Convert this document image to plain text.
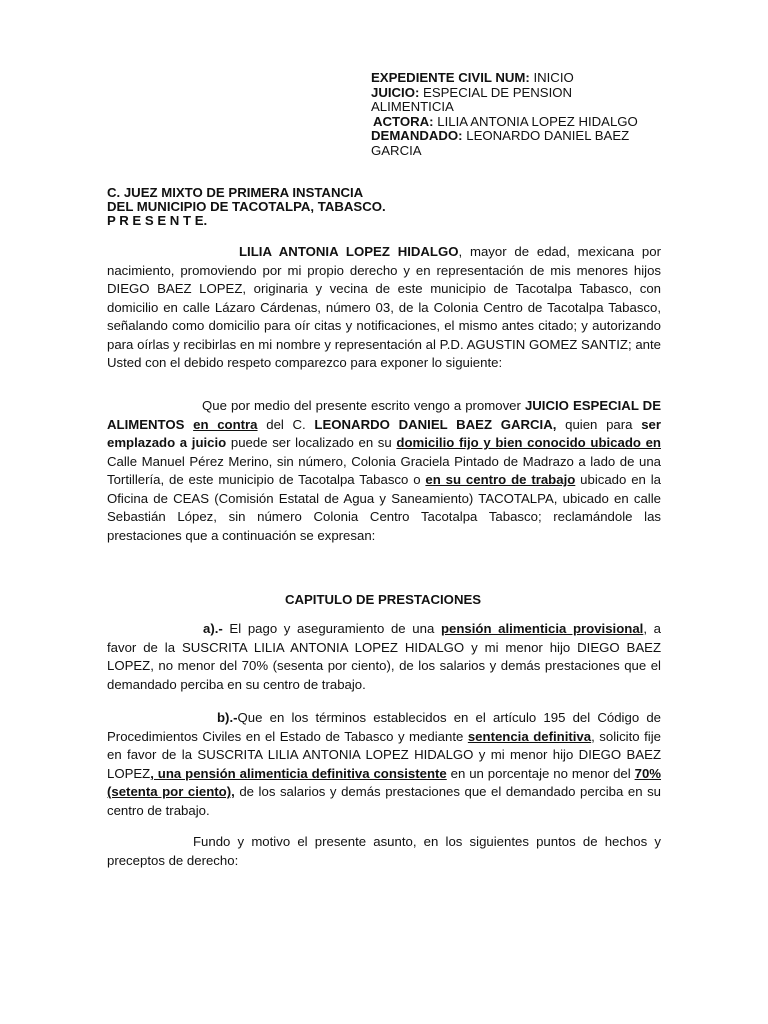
EXPEDIENTE CIVIL NUM: INICIO
JUICIO: ESPECIAL DE PENSION
ALIMENTICIA
ACTORA: LILIA ANTONIA LOPEZ HIDALGO
DEMANDADO: LEONARDO DANIEL BAEZ
GARCIA
C. JUEZ MIXTO DE PRIMERA INSTANCIA
DEL MUNICIPIO DE TACOTALPA, TABASCO.
P R E S E N T E.
LILIA ANTONIA LOPEZ HIDALGO, mayor de edad, mexicana por nacimiento, promoviendo por mi propio derecho y en representación de mis menores hijos DIEGO BAEZ LOPEZ, originaria y vecina de este municipio de Tacotalpa Tabasco, con domicilio en calle Lázaro Cárdenas, número 03, de la Colonia Centro de Tacotalpa Tabasco, señalando como domicilio para oír citas y notificaciones, el mismo antes citado; y autorizando para oírlas y recibirlas en mi nombre y representación al P.D. AGUSTIN GOMEZ SANTIZ; ante Usted con el debido respeto comparezco para exponer lo siguiente:
Que por medio del presente escrito vengo a promover JUICIO ESPECIAL DE ALIMENTOS en contra del C. LEONARDO DANIEL BAEZ GARCIA, quien para ser emplazado a juicio puede ser localizado en su domicilio fijo y bien conocido ubicado en Calle Manuel Pérez Merino, sin número, Colonia Graciela Pintado de Madrazo a lado de una Tortillería, de este municipio de Tacotalpa Tabasco o en su centro de trabajo ubicado en la Oficina de CEAS (Comisión Estatal de Agua y Saneamiento) TACOTALPA, ubicado en calle Sebastián López, sin número Colonia Centro Tacotalpa Tabasco; reclamándole las prestaciones que a continuación se expresan:
CAPITULO DE PRESTACIONES
a).- El pago y aseguramiento de una pensión alimenticia provisional, a favor de la SUSCRITA LILIA ANTONIA LOPEZ HIDALGO y mi menor hijo DIEGO BAEZ LOPEZ, no menor del 70% (sesenta por ciento), de los salarios y demás prestaciones que el demandado perciba en su centro de trabajo.
b).-Que en los términos establecidos en el artículo 195 del Código de Procedimientos Civiles en el Estado de Tabasco y mediante sentencia definitiva, solicito fije en favor de la SUSCRITA LILIA ANTONIA LOPEZ HIDALGO y mi menor hijo DIEGO BAEZ LOPEZ, una pensión alimenticia definitiva consistente en un porcentaje no menor del 70% (setenta por ciento), de los salarios y demás prestaciones que el demandado perciba en su centro de trabajo.
Fundo y motivo el presente asunto, en los siguientes puntos de hechos y preceptos de derecho:
